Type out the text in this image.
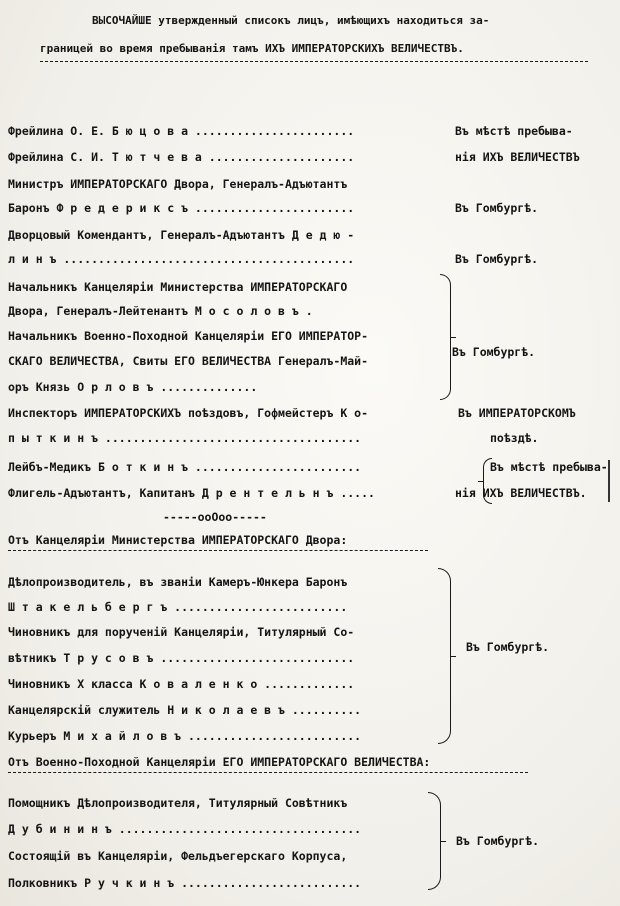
ВЫСОЧАЙШЕ утвержденный списокъ лицъ, имѣющихъ находиться за-
границей во время пребыванія тамъ ИХЪ ИМПЕРАТОРСКИХЪ ВЕЛИЧЕСТВЪ.
Фрейлина О. Е. Б ю ц о в а .......................
Фрейлина С. И. Т ю т ч е в а .....................
Министръ ИМПЕРАТОРСКАГО Двора, Генералъ-Адъютантъ
Баронъ Ф р е д е р и к с ъ .......................
Дворцовый Комендантъ, Генералъ-Адъютантъ Д е д ю -
л и н ъ ..........................................
Начальникъ Канцеляріи Министерства ИМПЕРАТОРСКАГО
Двора, Генералъ-Лейтенантъ М о с о л о в ъ .
Начальникъ Военно-Походной Канцеляріи ЕГО ИМПЕРАТОР-
СКАГО ВЕЛИЧЕСТВА, Свиты ЕГО ВЕЛИЧЕСТВА Генералъ-Май-
оръ Князь О р л о в ъ ..............
Инспекторъ ИМПЕРАТОРСКИХЪ поѣздовъ, Гофмейстеръ К о-
п ы т к и н ъ .....................................
Лейбъ-Медикъ Б о т к и н ъ ........................
Флигель-Адъютантъ, Капитанъ Д р е н т е л ь н ъ .....
Въ мѣстѣ пребыва-
нія ИХЪ ВЕЛИЧЕСТВЪ
Въ Гомбургѣ.
Въ Гомбургѣ.
Въ Гомбургѣ.
Въ ИМПЕРАТОРСКОМЪ
поѣздѣ.
Въ мѣстѣ пребыва-
нія ИХЪ ВЕЛИЧЕСТВЪ.
-----ооОоо-----
Отъ Канцеляріи Министерства ИМПЕРАТОРСКАГО Двора:
Дѣлопроизводитель, въ званіи Камеръ-Юнкера Баронъ
Ш т а к е л ь б е р г ъ .........................
Чиновникъ для порученій Канцеляріи, Титулярный Со-
вѣтникъ Т р у с о в ъ ............................
Чиновникъ X класса К о в а л е н к о .............
Канцелярскій служитель Н и к о л а е в ъ ..........
Курьеръ М и х а й л о в ъ .........................
Въ Гомбургѣ.
Отъ Военно-Походной Канцеляріи ЕГО ИМПЕРАТОРСКАГО ВЕЛИЧЕСТВА:
Помощникъ Дѣлопроизводителя, Титулярный Совѣтникъ
Д у б и н и н ъ ...................................
Состоящій въ Канцеляріи, Фельдъегерскаго Корпуса,
Полковникъ Р у ч к и н ъ ..........................
Въ Гомбургѣ.
